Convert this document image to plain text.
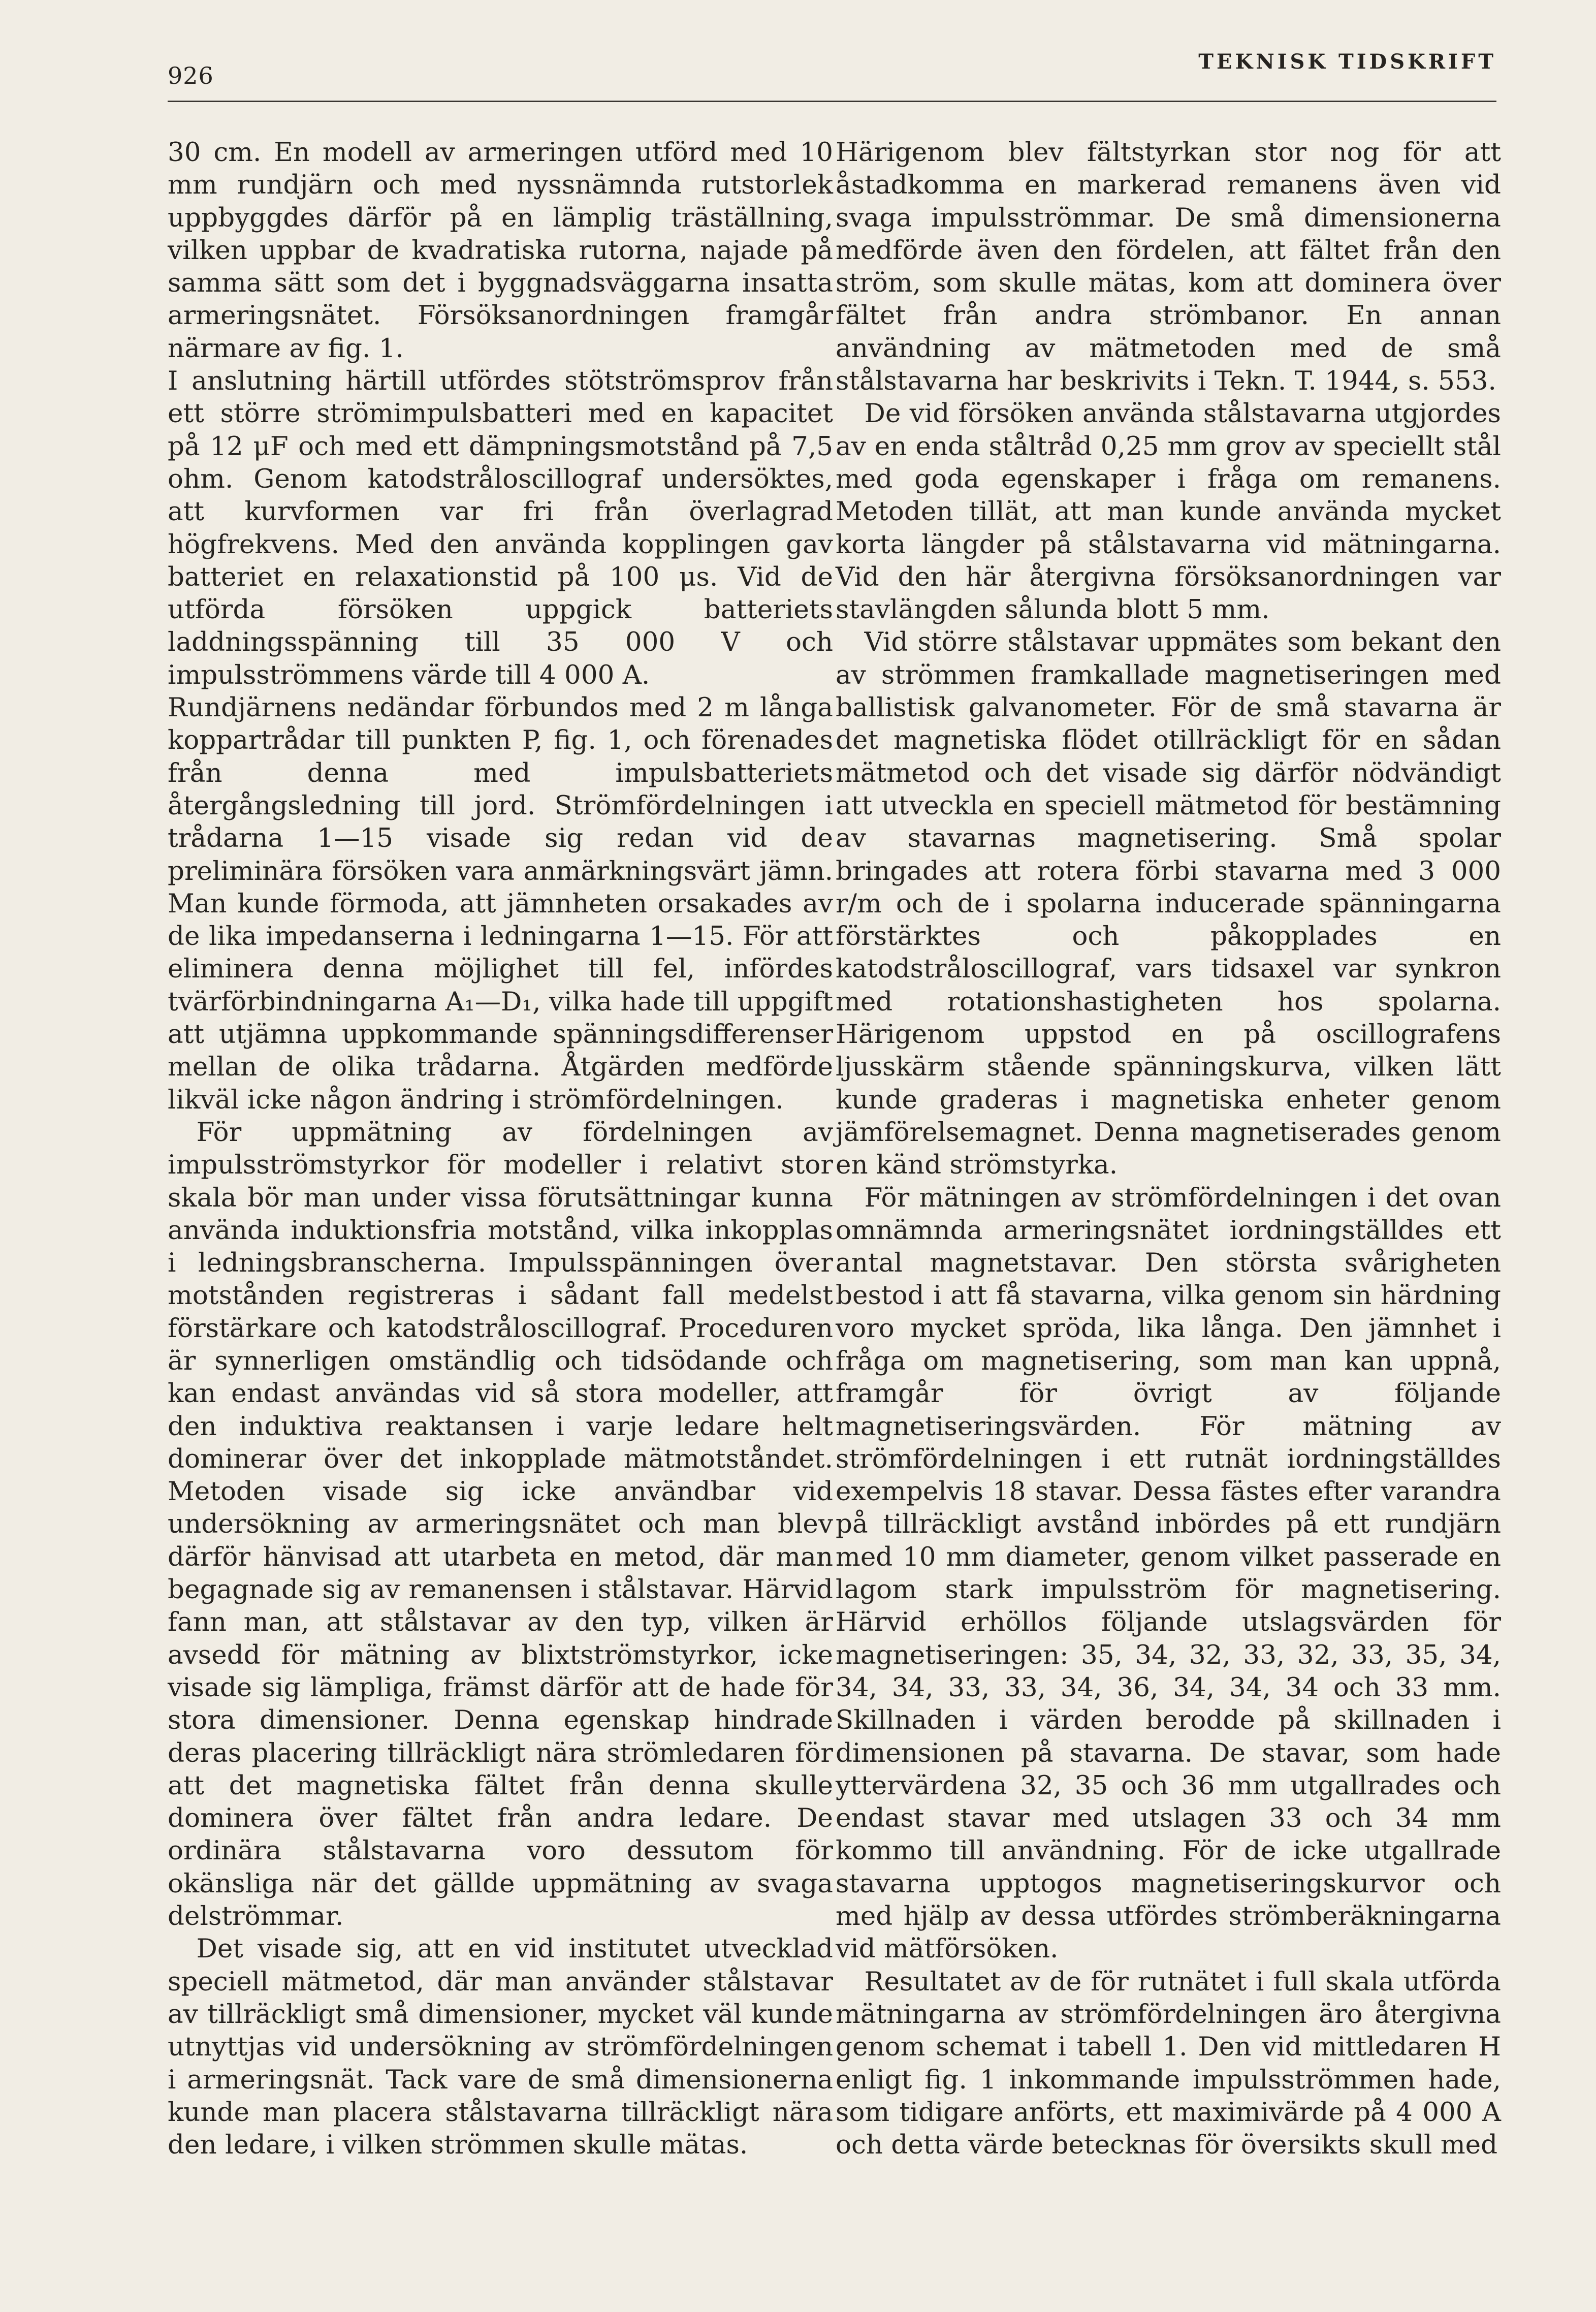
926
TEKNISK TIDSKRIFT

30 cm. En modell av armeringen utförd med 10 mm rundjärn och med nyssnämnda rutstorlek uppbyggdes därför på en lämplig träställning, vilken uppbar de kvadratiska rutorna, najade på samma sätt som det i byggnadsväggarna insatta armeringsnätet. Försöksanordningen framgår närmare av fig. 1.

I anslutning härtill utfördes stötströmsprov från ett större strömimpulsbatteri med en kapacitet på 12 μF och med ett dämpningsmotstånd på 7,5 ohm. Genom katodstråloscillograf undersöktes, att kurvformen var fri från överlagrad högfrekvens. Med den använda kopplingen gav batteriet en relaxationstid på 100 μs. Vid de utförda försöken uppgick batteriets laddningsspänning till 35 000 V och impulsströmmens värde till 4 000 A.

Rundjärnens nedändar förbundos med 2 m långa koppartrådar till punkten P, fig. 1, och förenades från denna med impulsbatteriets återgångsledning till jord. Strömfördelningen i trådarna 1—15 visade sig redan vid de preliminära försöken vara anmärkningsvärt jämn. Man kunde förmoda, att jämnheten orsakades av de lika impedanserna i ledningarna 1—15. För att eliminera denna möjlighet till fel, infördes tvärförbindningarna A₁—D₁, vilka hade till uppgift att utjämna uppkommande spänningsdifferenser mellan de olika trådarna. Åtgärden medförde likväl icke någon ändring i strömfördelningen.

För uppmätning av fördelningen av impulsströmstyrkor för modeller i relativt stor skala bör man under vissa förutsättningar kunna använda induktionsfria motstånd, vilka inkopplas i ledningsbranscherna. Impulsspänningen över motstånden registreras i sådant fall medelst förstärkare och katodstråloscillograf. Proceduren är synnerligen omständlig och tidsödande och kan endast användas vid så stora modeller, att den induktiva reaktansen i varje ledare helt dominerar över det inkopplade mätmotståndet. Metoden visade sig icke användbar vid undersökning av armeringsnätet och man blev därför hänvisad att utarbeta en metod, där man begagnade sig av remanensen i stålstavar. Härvid fann man, att stålstavar av den typ, vilken är avsedd för mätning av blixtströmstyrkor, icke visade sig lämpliga, främst därför att de hade för stora dimensioner. Denna egenskap hindrade deras placering tillräckligt nära strömledaren för att det magnetiska fältet från denna skulle dominera över fältet från andra ledare. De ordinära stålstavarna voro dessutom för okänsliga när det gällde uppmätning av svaga delströmmar.

Det visade sig, att en vid institutet utvecklad speciell mätmetod, där man använder stålstavar av tillräckligt små dimensioner, mycket väl kunde utnyttjas vid undersökning av strömfördelningen i armeringsnät. Tack vare de små dimensionerna kunde man placera stålstavarna tillräckligt nära den ledare, i vilken strömmen skulle mätas.

Härigenom blev fältstyrkan stor nog för att åstadkomma en markerad remanens även vid svaga impulsströmmar. De små dimensionerna medförde även den fördelen, att fältet från den ström, som skulle mätas, kom att dominera över fältet från andra strömbanor. En annan användning av mätmetoden med de små stålstavarna har beskrivits i Tekn. T. 1944, s. 553.

De vid försöken använda stålstavarna utgjordes av en enda ståltråd 0,25 mm grov av speciellt stål med goda egenskaper i fråga om remanens. Metoden tillät, att man kunde använda mycket korta längder på stålstavarna vid mätningarna. Vid den här återgivna försöksanordningen var stavlängden sålunda blott 5 mm.

Vid större stålstavar uppmätes som bekant den av strömmen framkallade magnetiseringen med ballistisk galvanometer. För de små stavarna är det magnetiska flödet otillräckligt för en sådan mätmetod och det visade sig därför nödvändigt att utveckla en speciell mätmetod för bestämning av stavarnas magnetisering. Små spolar bringades att rotera förbi stavarna med 3 000 r/m och de i spolarna inducerade spänningarna förstärktes och påkopplades en katodstråloscillograf, vars tidsaxel var synkron med rotationshastigheten hos spolarna. Härigenom uppstod en på oscillografens ljusskärm stående spänningskurva, vilken lätt kunde graderas i magnetiska enheter genom jämförelsemagnet. Denna magnetiserades genom en känd strömstyrka.

För mätningen av strömfördelningen i det ovan omnämnda armeringsnätet iordningställdes ett antal magnetstavar. Den största svårigheten bestod i att få stavarna, vilka genom sin härdning voro mycket spröda, lika långa. Den jämnhet i fråga om magnetisering, som man kan uppnå, framgår för övrigt av följande magnetiseringsvärden. För mätning av strömfördelningen i ett rutnät iordningställdes exempelvis 18 stavar. Dessa fästes efter varandra på tillräckligt avstånd inbördes på ett rundjärn med 10 mm diameter, genom vilket passerade en lagom stark impulsström för magnetisering. Härvid erhöllos följande utslagsvärden för magnetiseringen: 35, 34, 32, 33, 32, 33, 35, 34, 34, 34, 33, 33, 34, 36, 34, 34, 34 och 33 mm. Skillnaden i värden berodde på skillnaden i dimensionen på stavarna. De stavar, som hade yttervärdena 32, 35 och 36 mm utgallrades och endast stavar med utslagen 33 och 34 mm kommo till användning. För de icke utgallrade stavarna upptogos magnetiseringskurvor och med hjälp av dessa utfördes strömberäkningarna vid mätförsöken.

Resultatet av de för rutnätet i full skala utförda mätningarna av strömfördelningen äro återgivna genom schemat i tabell 1. Den vid mittledaren H enligt fig. 1 inkommande impulsströmmen hade, som tidigare anförts, ett maximivärde på 4 000 A och detta värde betecknas för översikts skull med
